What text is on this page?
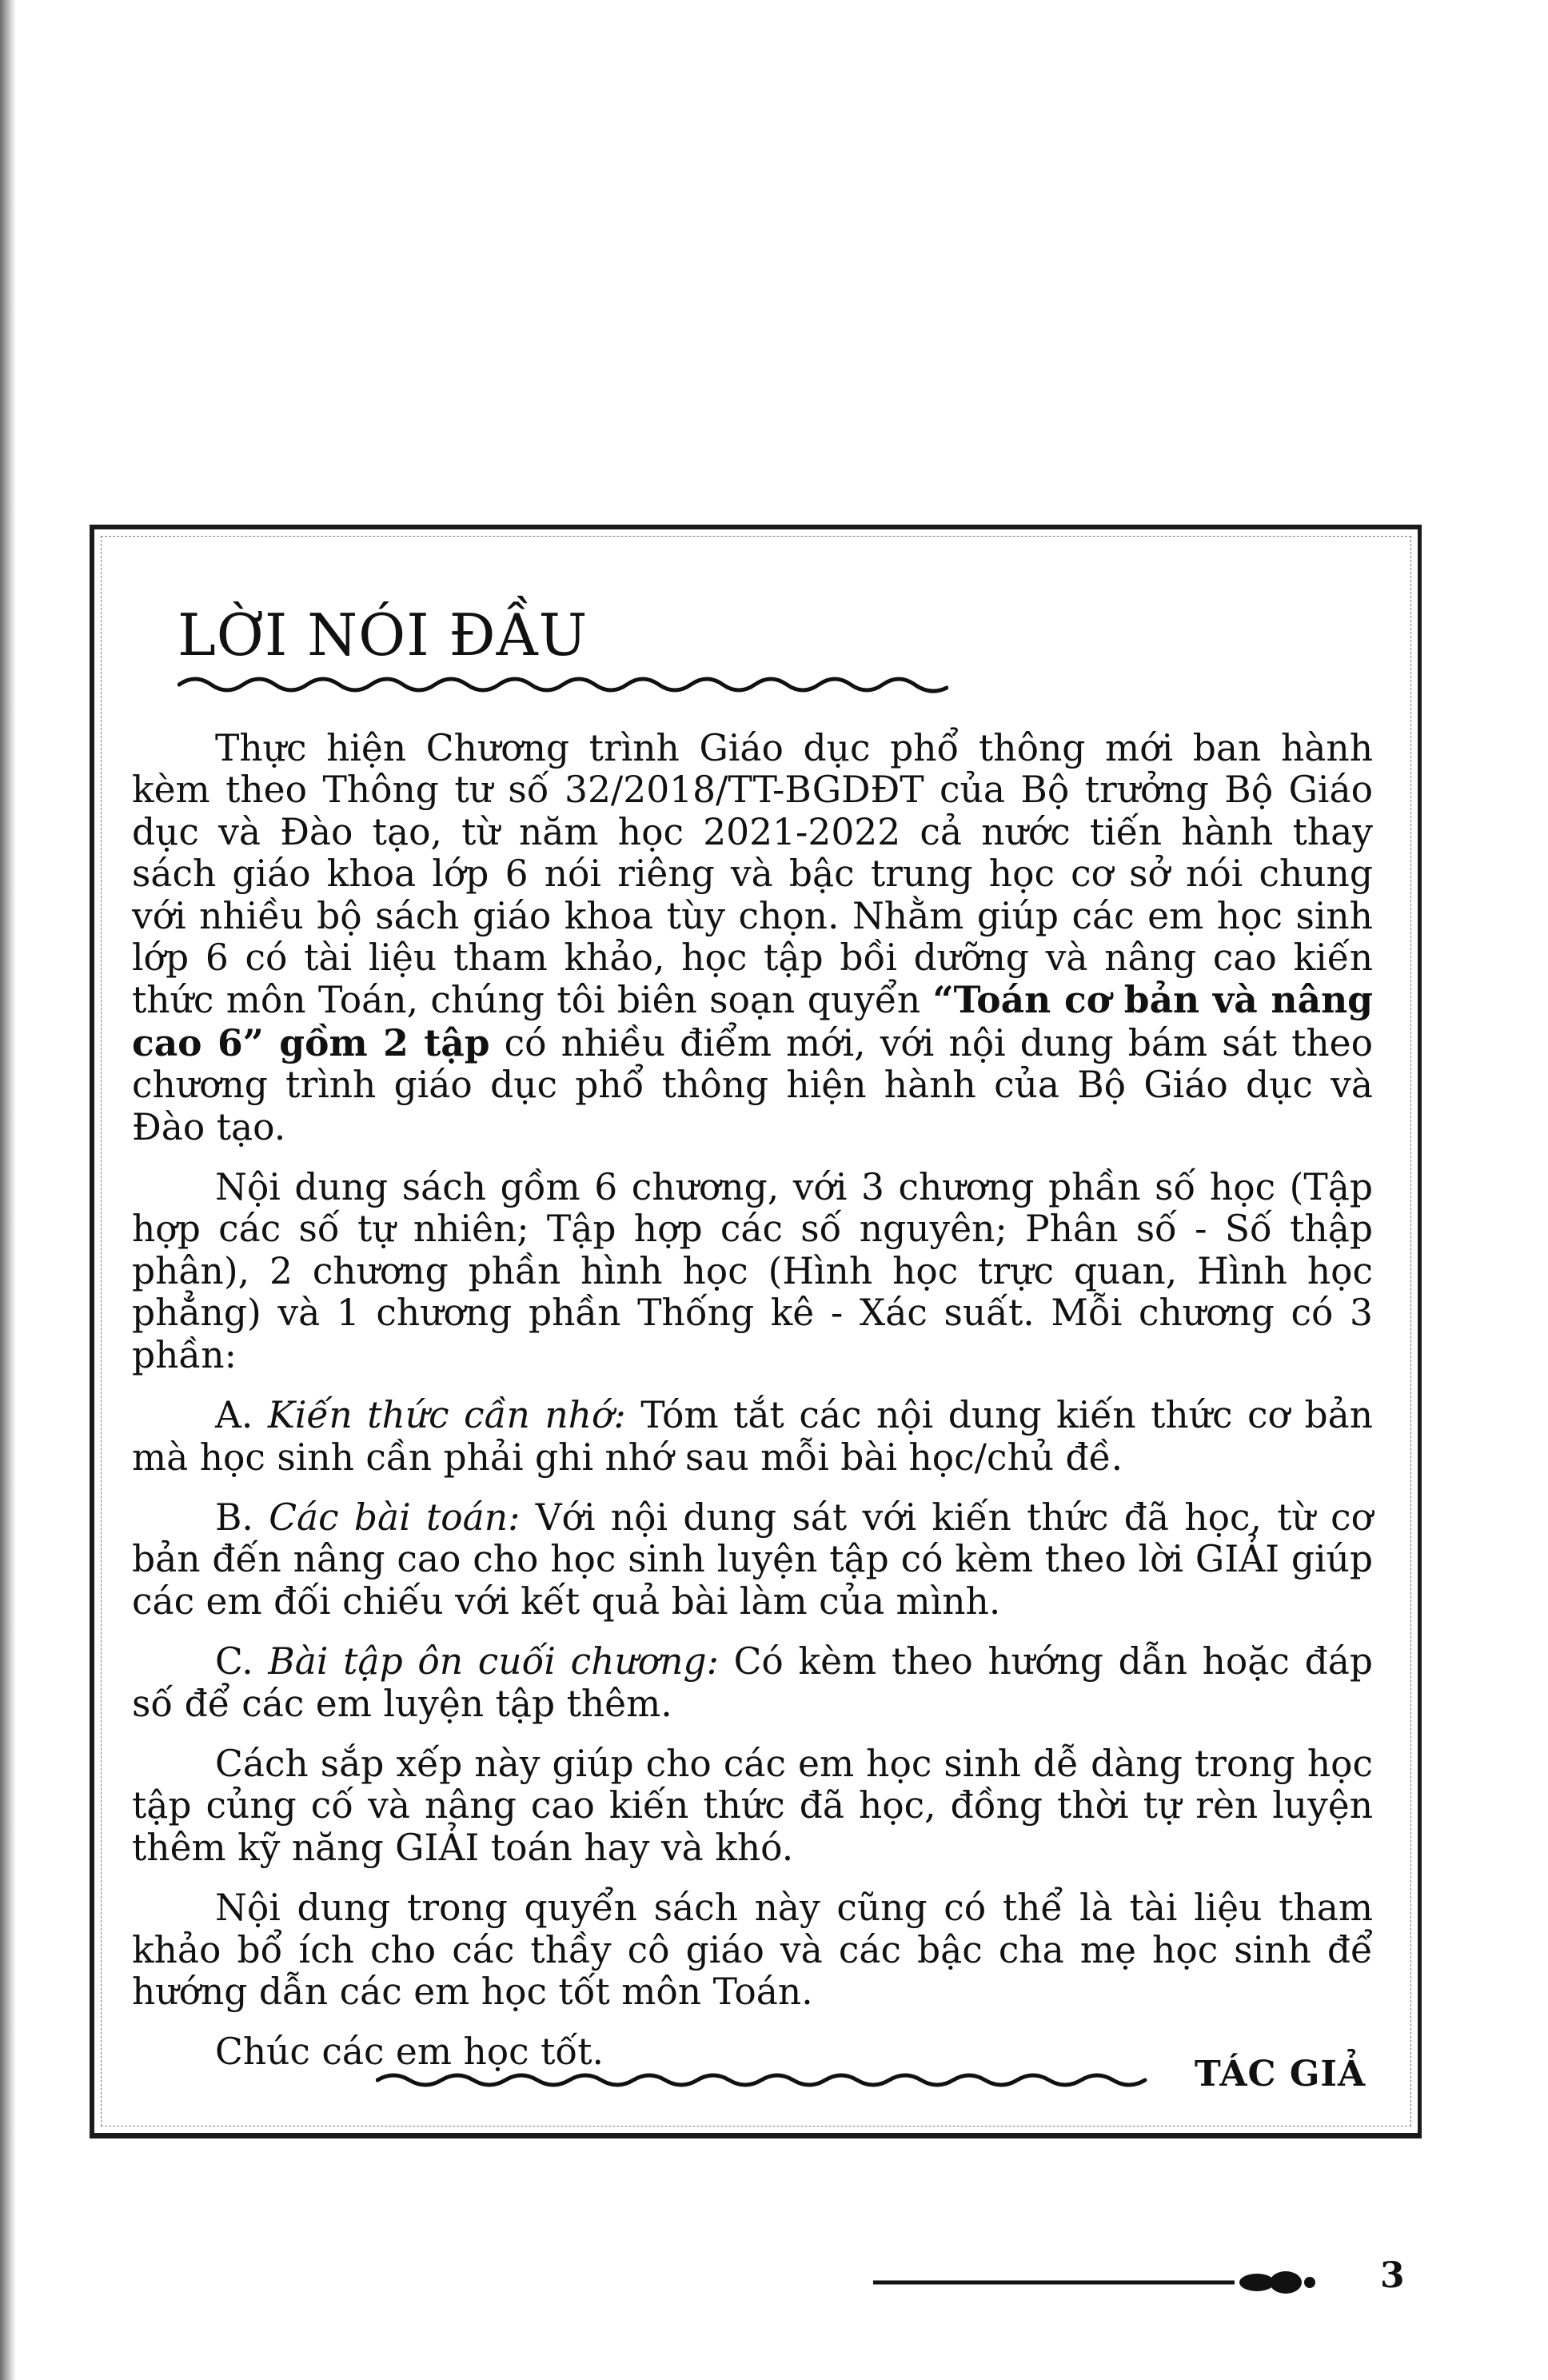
LỜI NÓI ĐẦU

Thực hiện Chương trình Giáo dục phổ thông mới ban hành kèm theo Thông tư số 32/2018/TT-BGDĐT của Bộ trưởng Bộ Giáo dục và Đào tạo, từ năm học 2021-2022 cả nước tiến hành thay sách giáo khoa lớp 6 nói riêng và bậc trung học cơ sở nói chung với nhiều bộ sách giáo khoa tùy chọn. Nhằm giúp các em học sinh lớp 6 có tài liệu tham khảo, học tập bồi dưỡng và nâng cao kiến thức môn Toán, chúng tôi biên soạn quyển “Toán cơ bản và nâng cao 6” gồm 2 tập có nhiều điểm mới, với nội dung bám sát theo chương trình giáo dục phổ thông hiện hành của Bộ Giáo dục và Đào tạo.

Nội dung sách gồm 6 chương, với 3 chương phần số học (Tập hợp các số tự nhiên; Tập hợp các số nguyên; Phân số - Số thập phân), 2 chương phần hình học (Hình học trực quan, Hình học phẳng) và 1 chương phần Thống kê - Xác suất. Mỗi chương có 3 phần:

A. Kiến thức cần nhớ: Tóm tắt các nội dung kiến thức cơ bản mà học sinh cần phải ghi nhớ sau mỗi bài học/chủ đề.

B. Các bài toán: Với nội dung sát với kiến thức đã học, từ cơ bản đến nâng cao cho học sinh luyện tập có kèm theo lời GIẢI giúp các em đối chiếu với kết quả bài làm của mình.

C. Bài tập ôn cuối chương: Có kèm theo hướng dẫn hoặc đáp số để các em luyện tập thêm.

Cách sắp xếp này giúp cho các em học sinh dễ dàng trong học tập củng cố và nâng cao kiến thức đã học, đồng thời tự rèn luyện thêm kỹ năng GIẢI toán hay và khó.

Nội dung trong quyển sách này cũng có thể là tài liệu tham khảo bổ ích cho các thầy cô giáo và các bậc cha mẹ học sinh để hướng dẫn các em học tốt môn Toán.

Chúc các em học tốt.

TÁC GIẢ
3
